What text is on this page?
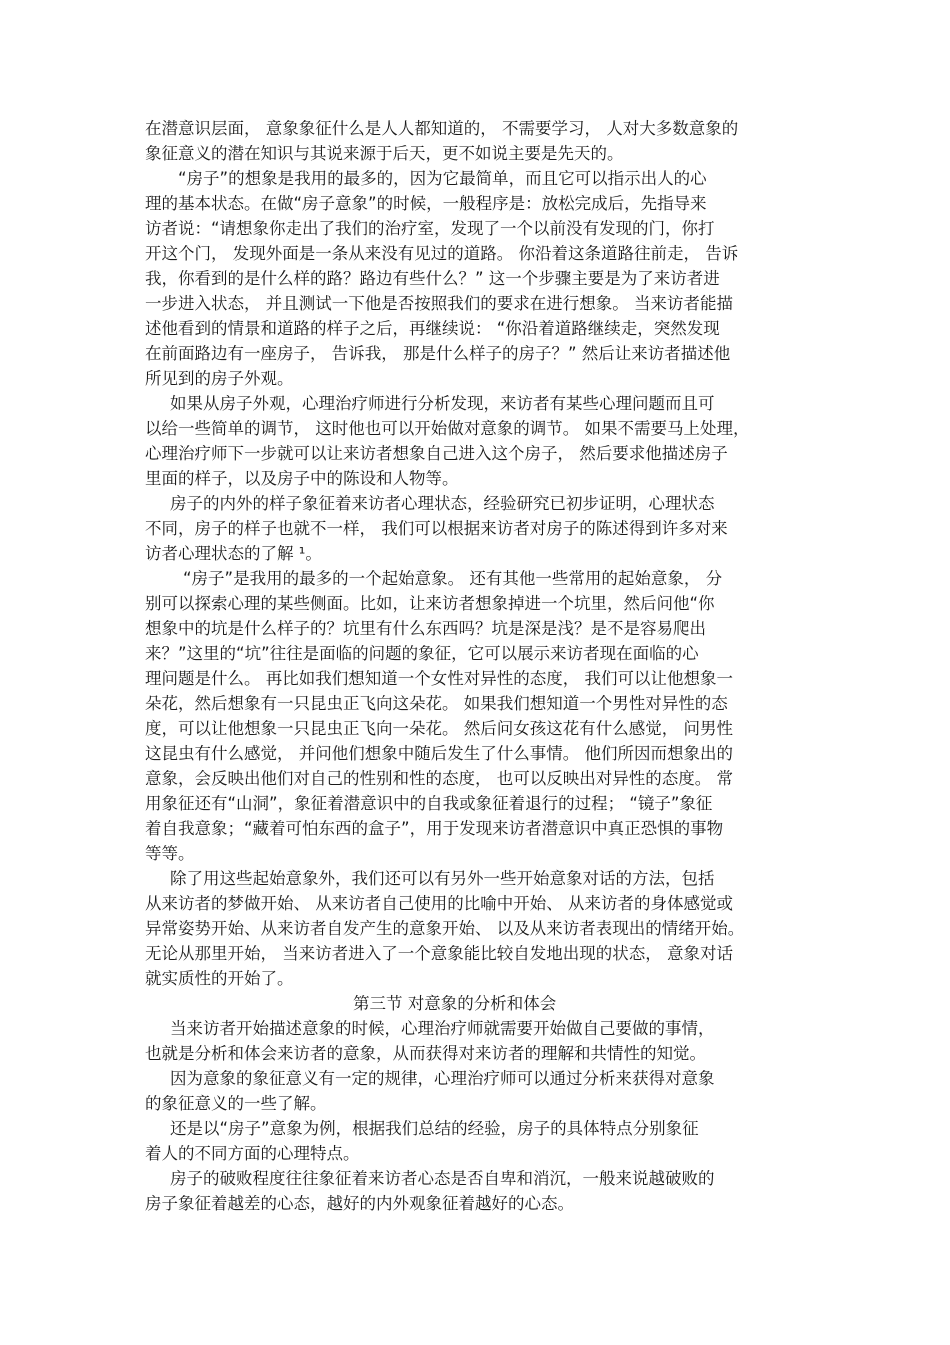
在潜意识层面， 意象象征什么是人人都知道的， 不需要学习， 人对大多数意象的
象征意义的潜在知识与其说来源于后天，更不如说主要是先天的。
“房子”的想象是我用的最多的，因为它最简单，而且它可以指示出人的心
理的基本状态。在做“房子意象”的时候，一般程序是：放松完成后，先指导来
访者说：“请想象你走出了我们的治疗室，发现了一个以前没有发现的门，你打
开这个门， 发现外面是一条从来没有见过的道路。 你沿着这条道路往前走， 告诉
我，你看到的是什么样的路？路边有些什么？” 这一个步骤主要是为了来访者进
一步进入状态， 并且测试一下他是否按照我们的要求在进行想象。 当来访者能描
述他看到的情景和道路的样子之后，再继续说： “你沿着道路继续走，突然发现
在前面路边有一座房子， 告诉我， 那是什么样子的房子？” 然后让来访者描述他
所见到的房子外观。
如果从房子外观，心理治疗师进行分析发现，来访者有某些心理问题而且可
以给一些简单的调节， 这时他也可以开始做对意象的调节。 如果不需要马上处理，
心理治疗师下一步就可以让来访者想象自己进入这个房子， 然后要求他描述房子
里面的样子，以及房子中的陈设和人物等。
房子的内外的样子象征着来访者心理状态，经验研究已初步证明，心理状态
不同，房子的样子也就不一样， 我们可以根据来访者对房子的陈述得到许多对来
访者心理状态的了解 ¹。
“房子”是我用的最多的一个起始意象。 还有其他一些常用的起始意象， 分
别可以探索心理的某些侧面。比如，让来访者想象掉进一个坑里，然后问他“你
想象中的坑是什么样子的？坑里有什么东西吗？坑是深是浅？是不是容易爬出
来？”这里的“坑”往往是面临的问题的象征，它可以展示来访者现在面临的心
理问题是什么。 再比如我们想知道一个女性对异性的态度， 我们可以让他想象一
朵花，然后想象有一只昆虫正飞向这朵花。 如果我们想知道一个男性对异性的态
度，可以让他想象一只昆虫正飞向一朵花。 然后问女孩这花有什么感觉， 问男性
这昆虫有什么感觉， 并问他们想象中随后发生了什么事情。 他们所因而想象出的
意象，会反映出他们对自己的性别和性的态度， 也可以反映出对异性的态度。 常
用象征还有“山洞”，象征着潜意识中的自我或象征着退行的过程； “镜子”象征
着自我意象；“藏着可怕东西的盒子”，用于发现来访者潜意识中真正恐惧的事物
等等。
除了用这些起始意象外，我们还可以有另外一些开始意象对话的方法，包括
从来访者的梦做开始、 从来访者自己使用的比喻中开始、 从来访者的身体感觉或
异常姿势开始、从来访者自发产生的意象开始、 以及从来访者表现出的情绪开始。
无论从那里开始， 当来访者进入了一个意象能比较自发地出现的状态， 意象对话
就实质性的开始了。
第三节 对意象的分析和体会
当来访者开始描述意象的时候，心理治疗师就需要开始做自己要做的事情，
也就是分析和体会来访者的意象，从而获得对来访者的理解和共情性的知觉。
因为意象的象征意义有一定的规律，心理治疗师可以通过分析来获得对意象
的象征意义的一些了解。
还是以“房子”意象为例，根据我们总结的经验，房子的具体特点分别象征
着人的不同方面的心理特点。
房子的破败程度往往象征着来访者心态是否自卑和消沉，一般来说越破败的
房子象征着越差的心态，越好的内外观象征着越好的心态。
